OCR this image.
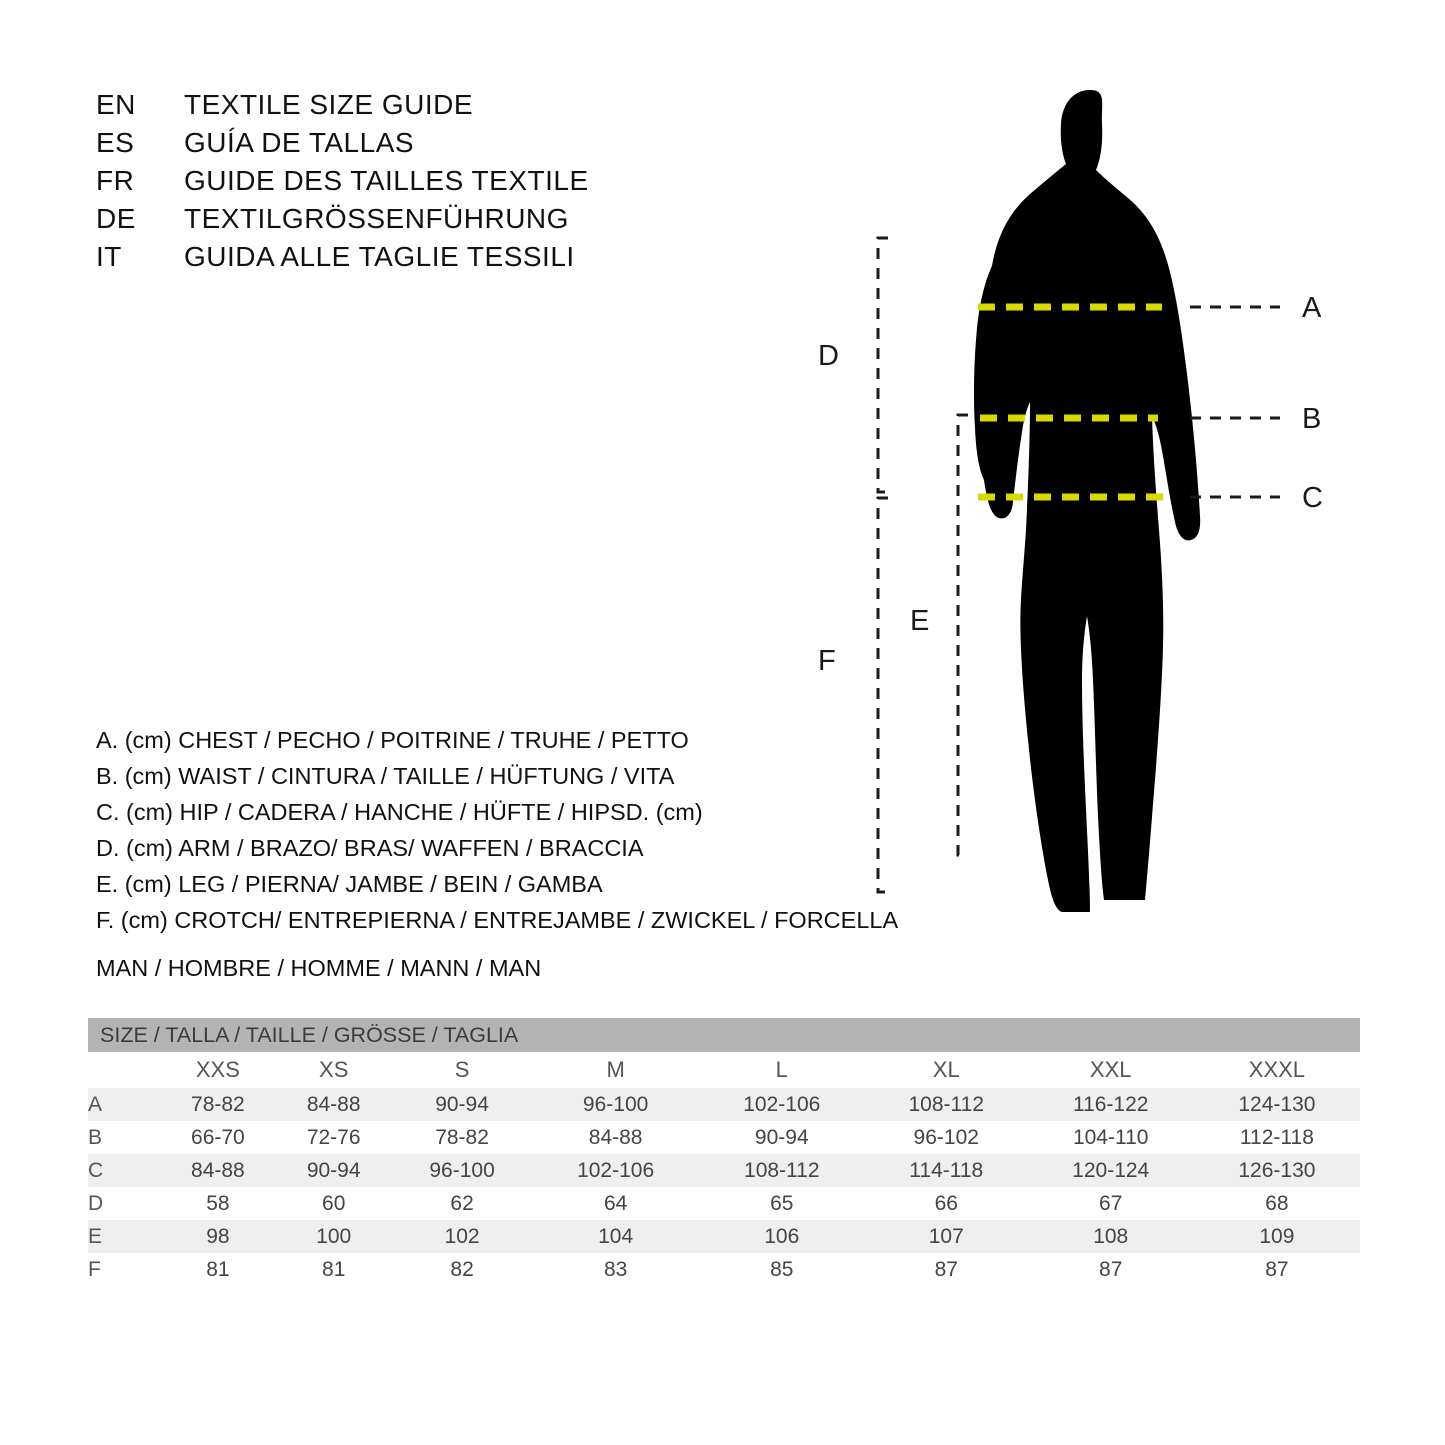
EN	TEXTILE SIZE GUIDE
ES	GUÍA DE TALLAS
FR	GUIDE DES TAILLES TEXTILE
DE	TEXTILGRÖSSENFÜHRUNG
IT	GUIDA ALLE TAGLIE TESSILI
A. (cm) CHEST / PECHO / POITRINE / TRUHE / PETTO
B. (cm) WAIST / CINTURA / TAILLE / HÜFTUNG / VITA
C. (cm) HIP / CADERA / HANCHE / HÜFTE / HIPSD. (cm)
D. (cm) ARM / BRAZO/ BRAS/ WAFFEN / BRACCIA
E. (cm) LEG / PIERNA/ JAMBE / BEIN / GAMBA
F. (cm) CROTCH/ ENTREPIERNA / ENTREJAMBE / ZWICKEL / FORCELLA
MAN / HOMBRE / HOMME / MANN / MAN
A
B
C
D
F
E
SIZE / TALLA / TAILLE / GRÖSSE / TAGLIA								
	XXS	XS	S	M	L	XL	XXL	XXXL
A	78-82	84-88	90-94	96-100	102-106	108-112	116-122	124-130
B	66-70	72-76	78-82	84-88	90-94	96-102	104-110	112-118
C	84-88	90-94	96-100	102-106	108-112	114-118	120-124	126-130
D	58	60	62	64	65	66	67	68
E	98	100	102	104	106	107	108	109
F	81	81	82	83	85	87	87	87
